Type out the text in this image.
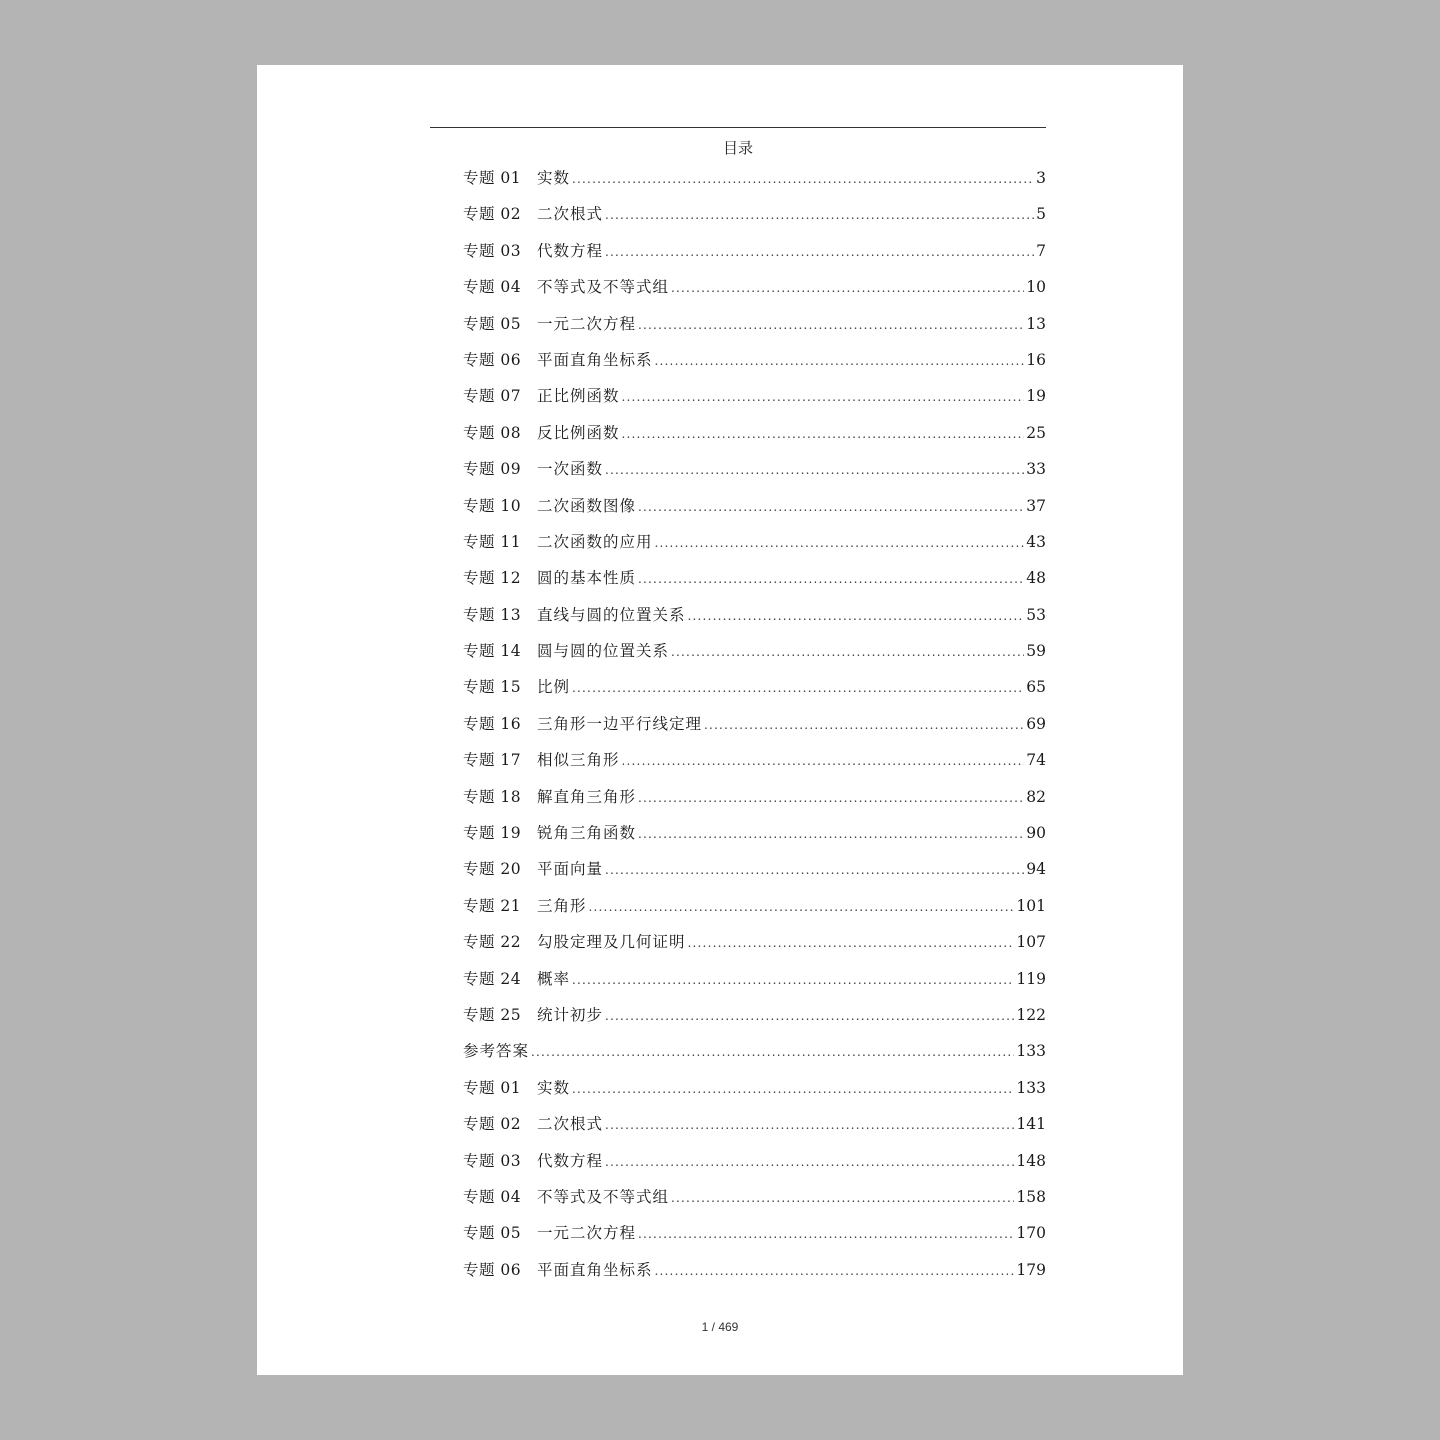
目录
专题 01	实数 .....	3
专题 02	二次根式 .....	5
专题 03	代数方程 .....	7
专题 04	不等式及不等式组 .....	10
专题 05	一元二次方程 .....	13
专题 06	平面直角坐标系 .....	16
专题 07	正比例函数 .....	19
专题 08	反比例函数 .....	25
专题 09	一次函数 .....	33
专题 10	二次函数图像 .....	37
专题 11	二次函数的应用 .....	43
专题 12	圆的基本性质 .....	48
专题 13	直线与圆的位置关系 .....	53
专题 14	圆与圆的位置关系 .....	59
专题 15	比例 .....	65
专题 16	三角形一边平行线定理 .....	69
专题 17	相似三角形 .....	74
专题 18	解直角三角形 .....	82
专题 19	锐角三角函数 .....	90
专题 20	平面向量 .....	94
专题 21	三角形 .....	101
专题 22	勾股定理及几何证明 .....	107
专题 24	概率 .....	119
专题 25	统计初步 .....	122
参考答案 .....	133
专题 01	实数 .....	133
专题 02	二次根式 .....	141
专题 03	代数方程 .....	148
专题 04	不等式及不等式组 .....	158
专题 05	一元二次方程 .....	170
专题 06	平面直角坐标系 .....	179
1 / 469
